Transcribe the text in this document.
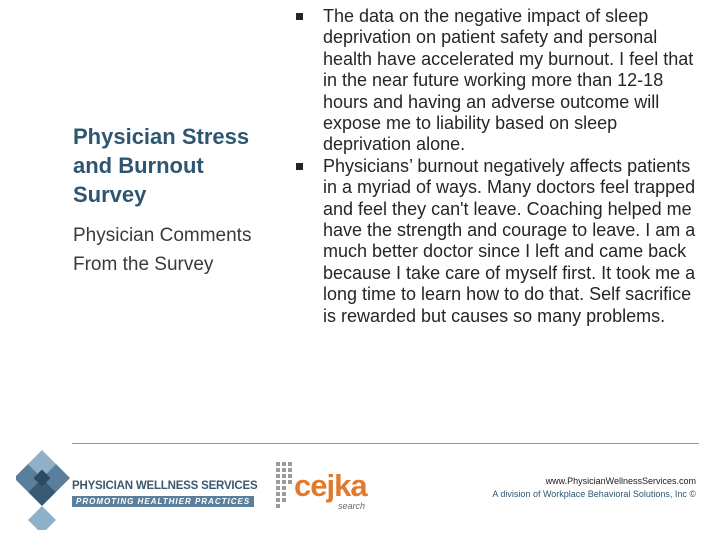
Physician Stress and Burnout Survey
Physician Comments From the Survey
The data on the negative impact of sleep deprivation on patient safety and personal health have accelerated my burnout. I feel that in the near future working more than 12-18 hours and having an adverse outcome will expose me to liability based on sleep deprivation alone.
Physicians’ burnout negatively affects patients in a myriad of ways. Many doctors feel trapped and feel they can't leave. Coaching helped me have the strength and courage to leave. I am a much better doctor since I left and came back because I take care of myself first. It took me a long time to learn how to do that. Self sacrifice is rewarded but causes so many problems.
PHYSICIAN WELLNESS SERVICES
PROMOTING HEALTHIER PRACTICES cejka
search
www.PhysicianWellnessServices.com
A division of Workplace Behavioral Solutions, Inc ©
